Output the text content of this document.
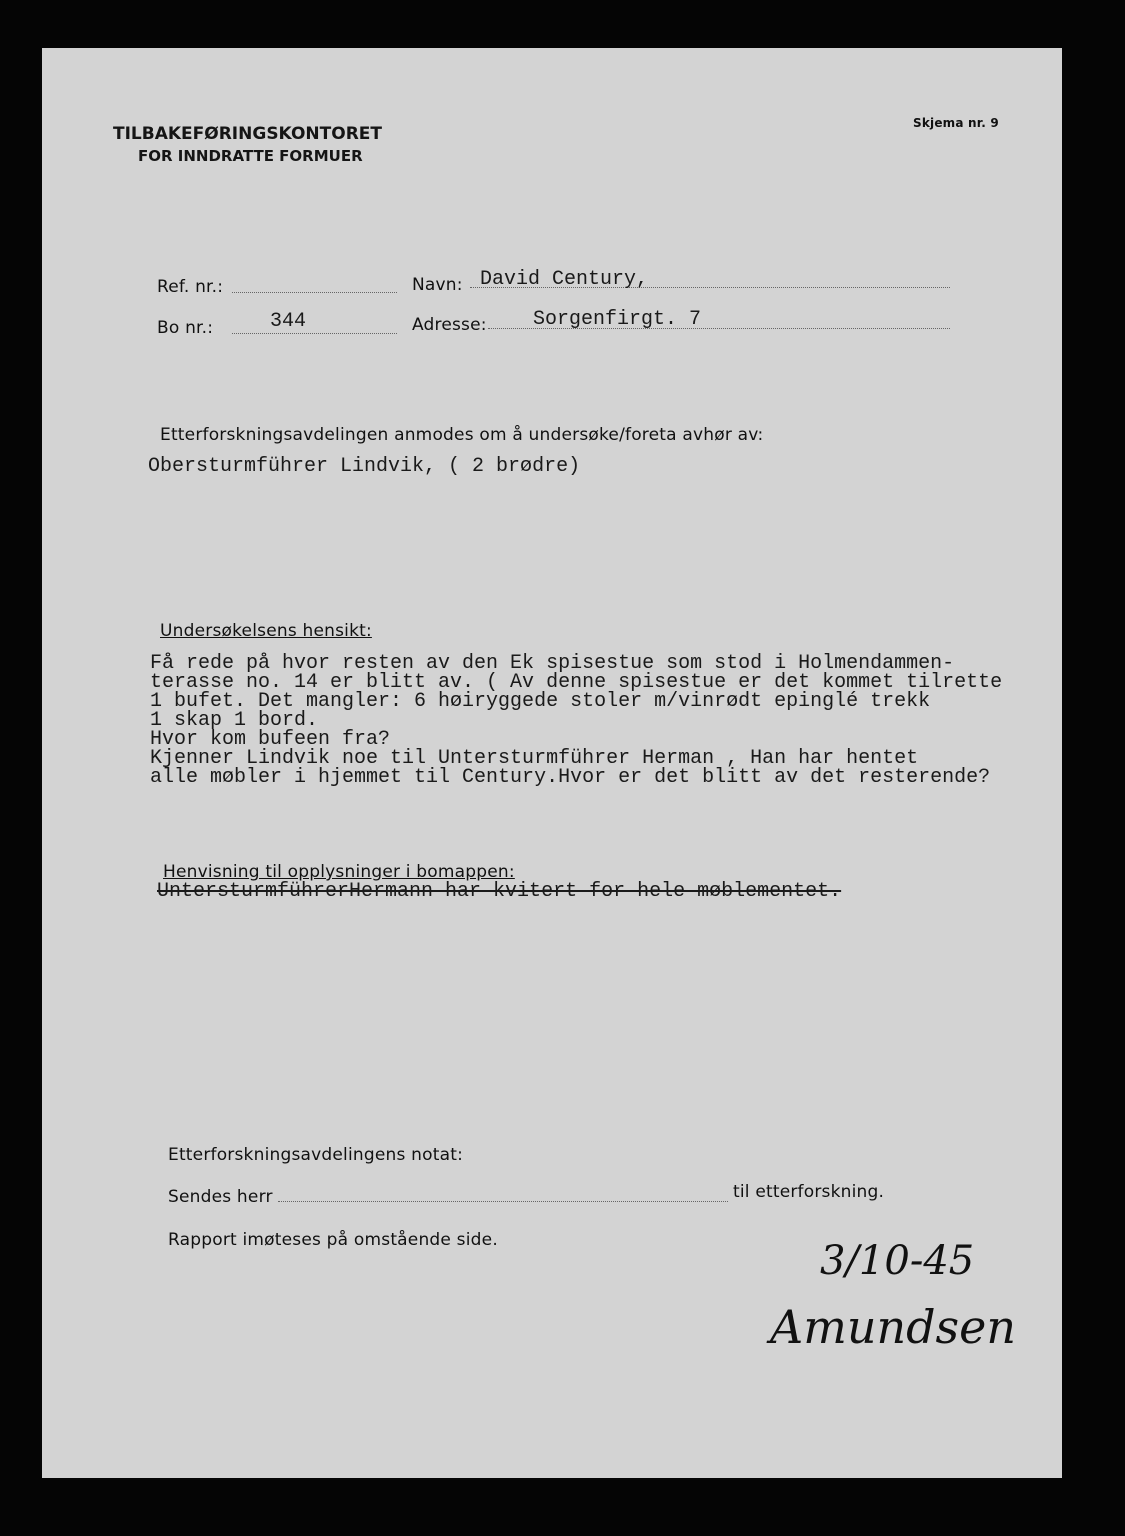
TILBAKEFØRINGSKONTORET
FOR INNDRATTE FORMUER
Skjema nr. 9
Ref. nr.:	Navn: David Century,
Bo nr.:	344	Adresse: Sorgenfirgt. 7
Etterforskningsavdelingen anmodes om å undersøke/foreta avhør av:
Obersturmführer Lindvik, ( 2 brødre)
Undersøkelsens hensikt:
Få rede på hvor resten av den Ek spisestue som stod i Holmendammen-
terasse no. 14 er blitt av. ( Av denne spisestue er det kommet tilrette
1 bufet. Det mangler: 6 høiryggede stoler m/vinrødt epinglé trekk
1 skap 1 bord.
Hvor kom bufeen fra?
Kjenner Lindvik noe til Untersturmführer Herman , Han har hentet
alle møbler i hjemmet til Century.Hvor er det blitt av det resterende?
Henvisning til opplysninger i bomappen:
UntersturmführerHermann har kvitert for hele møblementet.
Etterforskningsavdelingens notat:
Sendes herr	til etterforskning.
Rapport imøteses på omstående side.	3/10-45
Amundsen
